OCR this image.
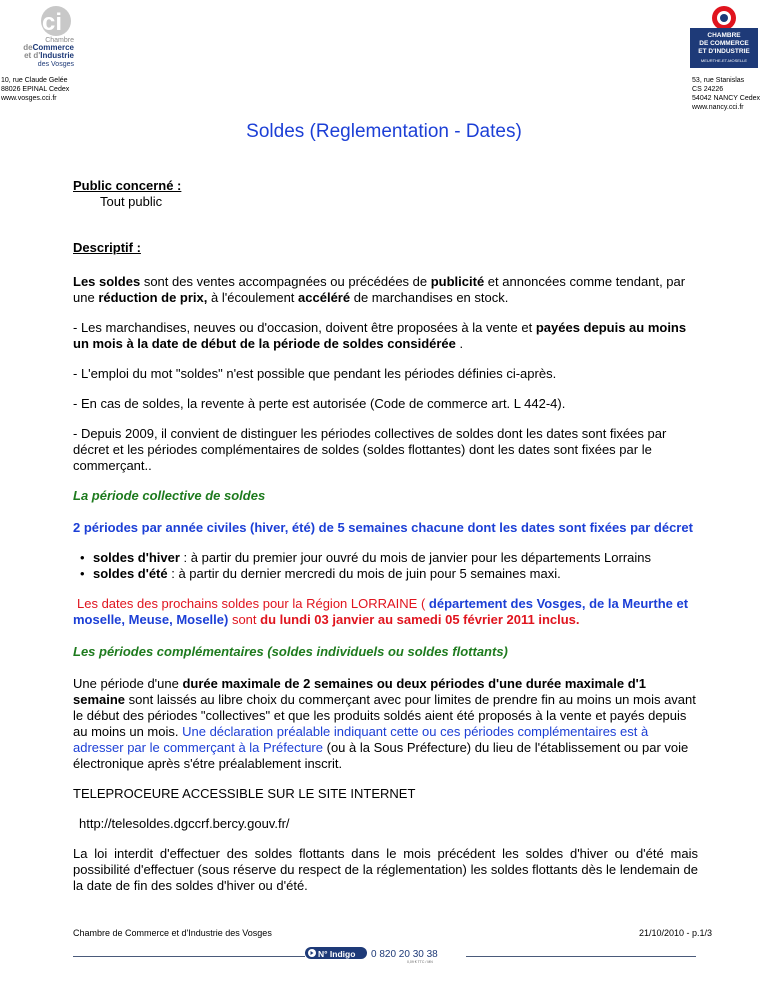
ci
Chambre
deCommerce
et d'Industrie
des Vosges
CHAMBRE
DE COMMERCE
ET D'INDUSTRIE
MEURTHE-ET-MOSELLE
10, rue Claude Gelée
88026 EPINAL Cedex
www.vosges.cci.fr
53, rue Stanislas
CS 24226
54042 NANCY Cedex
www.nancy.cci.fr
Soldes (Reglementation - Dates)

Public concerné :

Tout public

Descriptif :

Les soldes sont des ventes accompagnées ou précédées de publicité et annoncées comme tendant, par une réduction de prix, à l'écoulement accéléré de marchandises en stock.

- Les marchandises, neuves ou d'occasion, doivent être proposées à la vente et payées depuis au moins un mois à la date de début de la période de soldes considérée .

- L'emploi du mot "soldes" n'est possible que pendant les périodes définies ci-après.

- En cas de soldes, la revente à perte est autorisée (Code de commerce art. L 442-4).

- Depuis 2009, il convient de distinguer les périodes collectives de soldes dont les dates sont fixées par décret et les périodes complémentaires de soldes (soldes flottantes) dont les dates sont fixées par le commerçant..

La période collective de soldes

2 périodes par année civiles (hiver, été) de 5 semaines chacune dont les dates sont fixées par décret

• soldes d'hiver : à partir du premier jour ouvré du mois de janvier pour les départements Lorrains
• soldes d'été : à partir du dernier mercredi du mois de juin pour 5 semaines maxi.

Les dates des prochains soldes pour la Région LORRAINE ( département des Vosges, de la Meurthe et moselle, Meuse, Moselle) sont du lundi 03 janvier au samedi 05 février 2011 inclus.

Les périodes complémentaires (soldes individuels ou soldes flottants)

Une période d'une durée maximale de 2 semaines ou deux périodes d'une durée maximale d'1 semaine sont laissés au libre choix du commerçant avec pour limites de prendre fin au moins un mois avant le début des périodes "collectives" et que les produits soldés aient été proposés à la vente et payés depuis au moins un mois. Une déclaration préalable indiquant cette ou ces périodes complémentaires est à adresser par le commerçant à la Préfecture (ou à la Sous Préfecture) du lieu de l'établissement ou par voie électronique après s'étre préalablement inscrit.

TELEPROCEURE ACCESSIBLE SUR LE SITE INTERNET

http://telesoldes.dgccrf.bercy.gouv.fr/

La loi interdit d'effectuer des soldes flottants dans le mois précédent les soldes d'hiver ou d'été mais possibilité d'effectuer (sous réserve du respect de la réglementation) les soldes flottants dès le lendemain de la date de fin des soldes d'hiver ou d'été.

Chambre de Commerce et d'Industrie des Vosges	21/10/2010 - p.1/3
N° Indigo 0 820 20 30 38
0,09 € TTC / MN
